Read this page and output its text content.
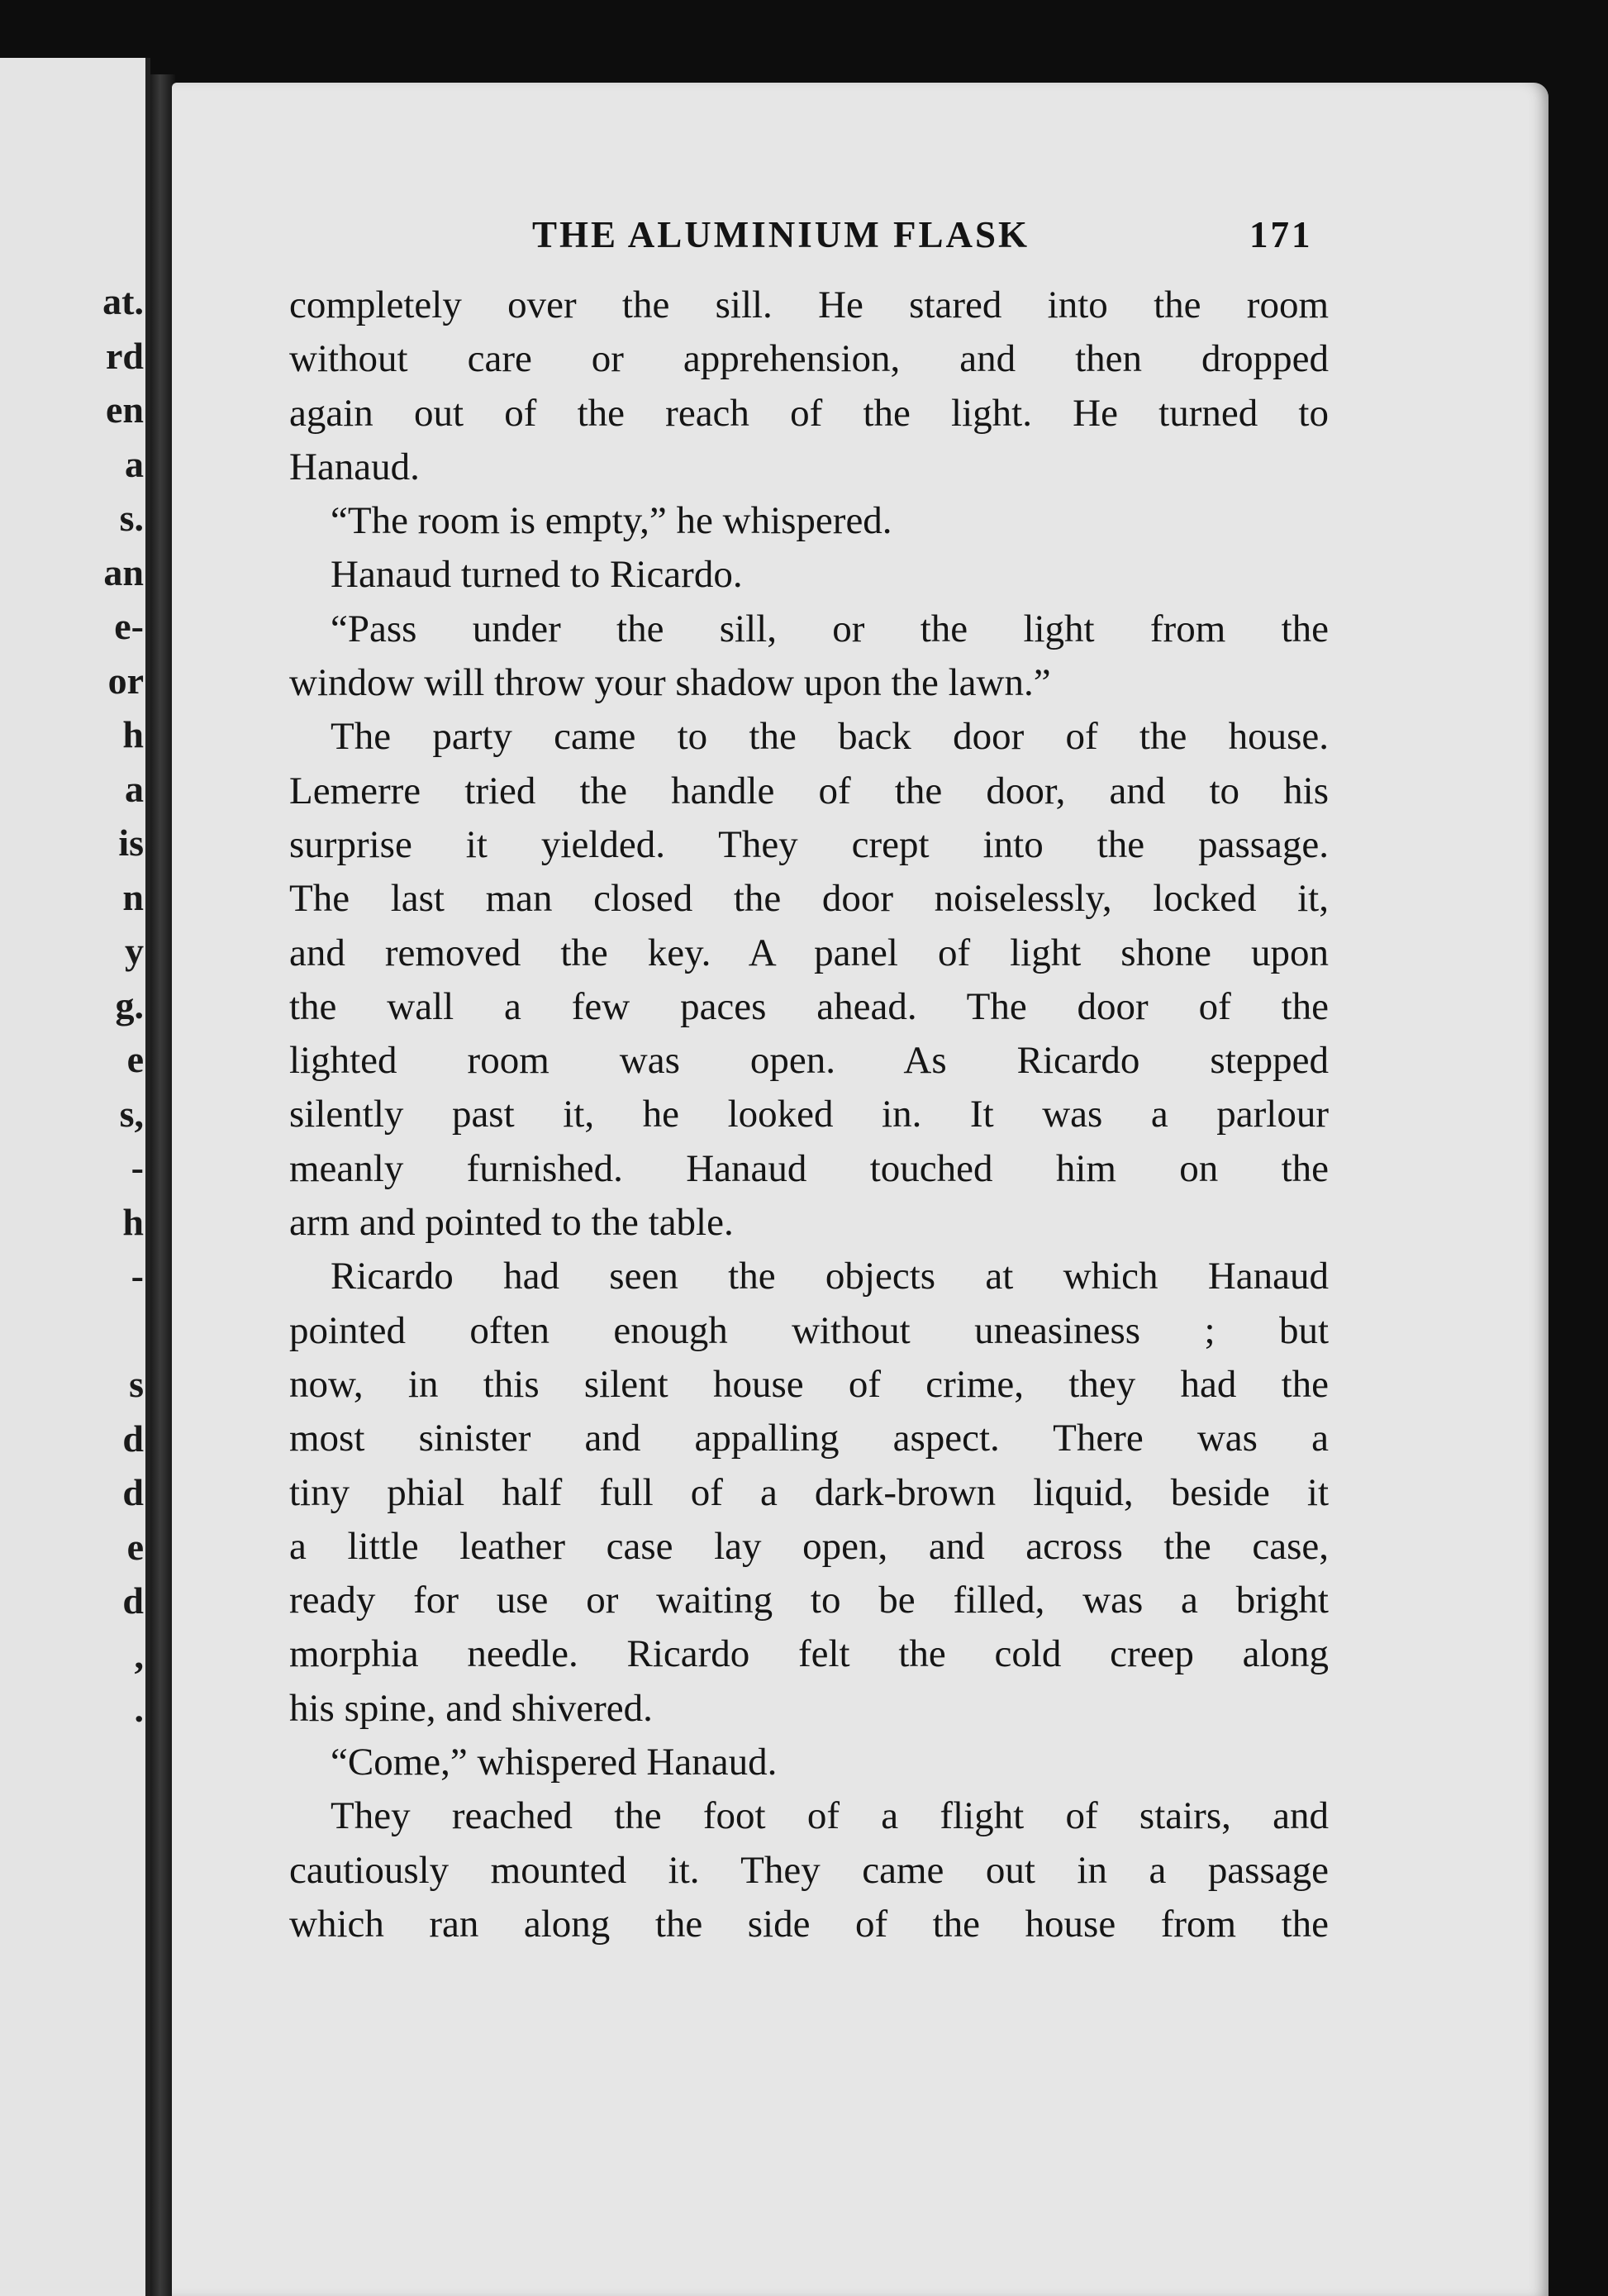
at.
rd
en
a
s.
an
e-
or
h
a
is
n
y
g.
e
s,
-
h
-

s
d
d
e
d
,
.
THE ALUMINIUM FLASK	171
completely over the sill. He stared into the room
without care or apprehension, and then dropped
again out of the reach of the light. He turned to
Hanaud.
“The room is empty,” he whispered.
Hanaud turned to Ricardo.
“Pass under the sill, or the light from the
window will throw your shadow upon the lawn.”
The party came to the back door of the house.
Lemerre tried the handle of the door, and to his
surprise it yielded. They crept into the passage.
The last man closed the door noiselessly, locked it,
and removed the key. A panel of light shone upon
the wall a few paces ahead. The door of the
lighted room was open. As Ricardo stepped
silently past it, he looked in. It was a parlour
meanly furnished. Hanaud touched him on the
arm and pointed to the table.
Ricardo had seen the objects at which Hanaud
pointed often enough without uneasiness ; but
now, in this silent house of crime, they had the
most sinister and appalling aspect. There was a
tiny phial half full of a dark-brown liquid, beside it
a little leather case lay open, and across the case,
ready for use or waiting to be filled, was a bright
morphia needle. Ricardo felt the cold creep along
his spine, and shivered.
“Come,” whispered Hanaud.
They reached the foot of a flight of stairs, and
cautiously mounted it. They came out in a passage
which ran along the side of the house from the
